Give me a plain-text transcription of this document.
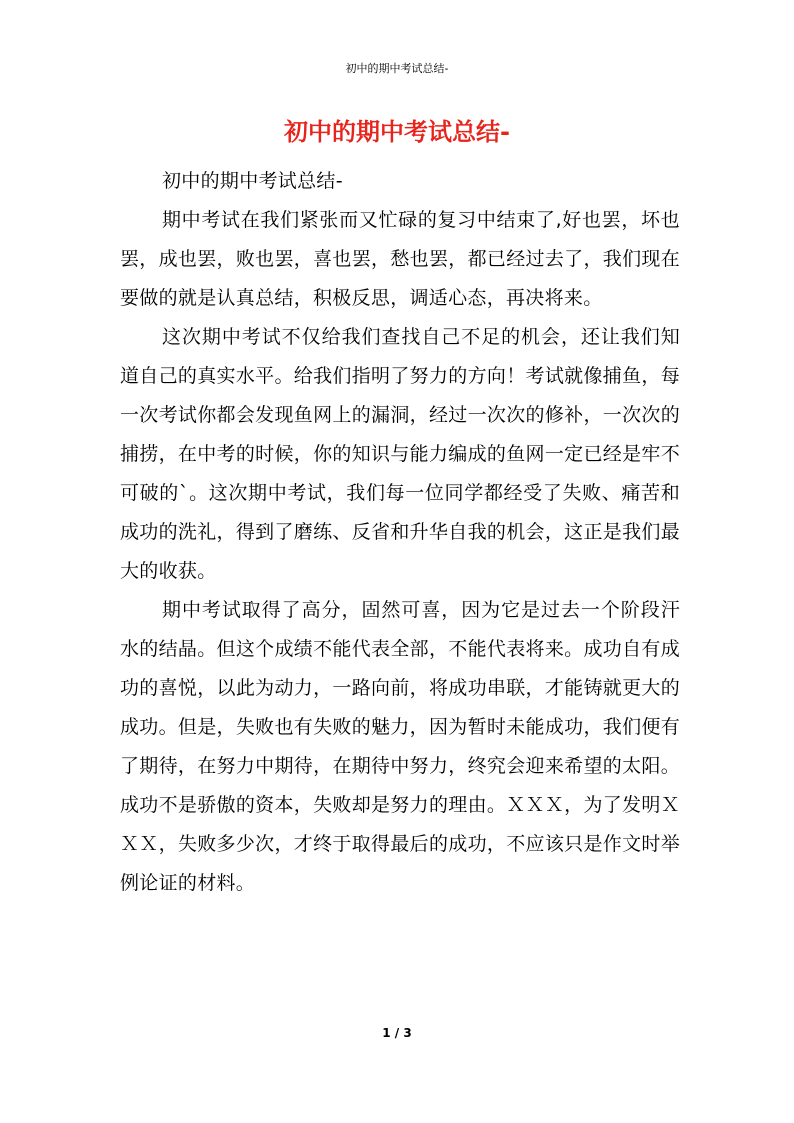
初中的期中考试总结-
初中的期中考试总结-

初中的期中考试总结-

期中考试在我们紧张而又忙碌的复习中结束了,好也罢，坏也罢，成也罢，败也罢，喜也罢，愁也罢，都已经过去了，我们现在要做的就是认真总结，积极反思，调适心态，再决将来。

这次期中考试不仅给我们查找自己不足的机会，还让我们知道自己的真实水平。给我们指明了努力的方向！考试就像捕鱼，每一次考试你都会发现鱼网上的漏洞，经过一次次的修补，一次次的捕捞，在中考的时候，你的知识与能力编成的鱼网一定已经是牢不可破的`。这次期中考试，我们每一位同学都经受了失败、痛苦和成功的洗礼，得到了磨练、反省和升华自我的机会，这正是我们最大的收获。

期中考试取得了高分，固然可喜，因为它是过去一个阶段汗水的结晶。但这个成绩不能代表全部，不能代表将来。成功自有成功的喜悦，以此为动力，一路向前，将成功串联，才能铸就更大的成功。但是，失败也有失败的魅力，因为暂时未能成功，我们便有了期待，在努力中期待，在期待中努力，终究会迎来希望的太阳。成功不是骄傲的资本，失败却是努力的理由。ＸＸＸ，为了发明ＸＸＸ，失败多少次，才终于取得最后的成功，不应该只是作文时举例论证的材料。

1 / 3
